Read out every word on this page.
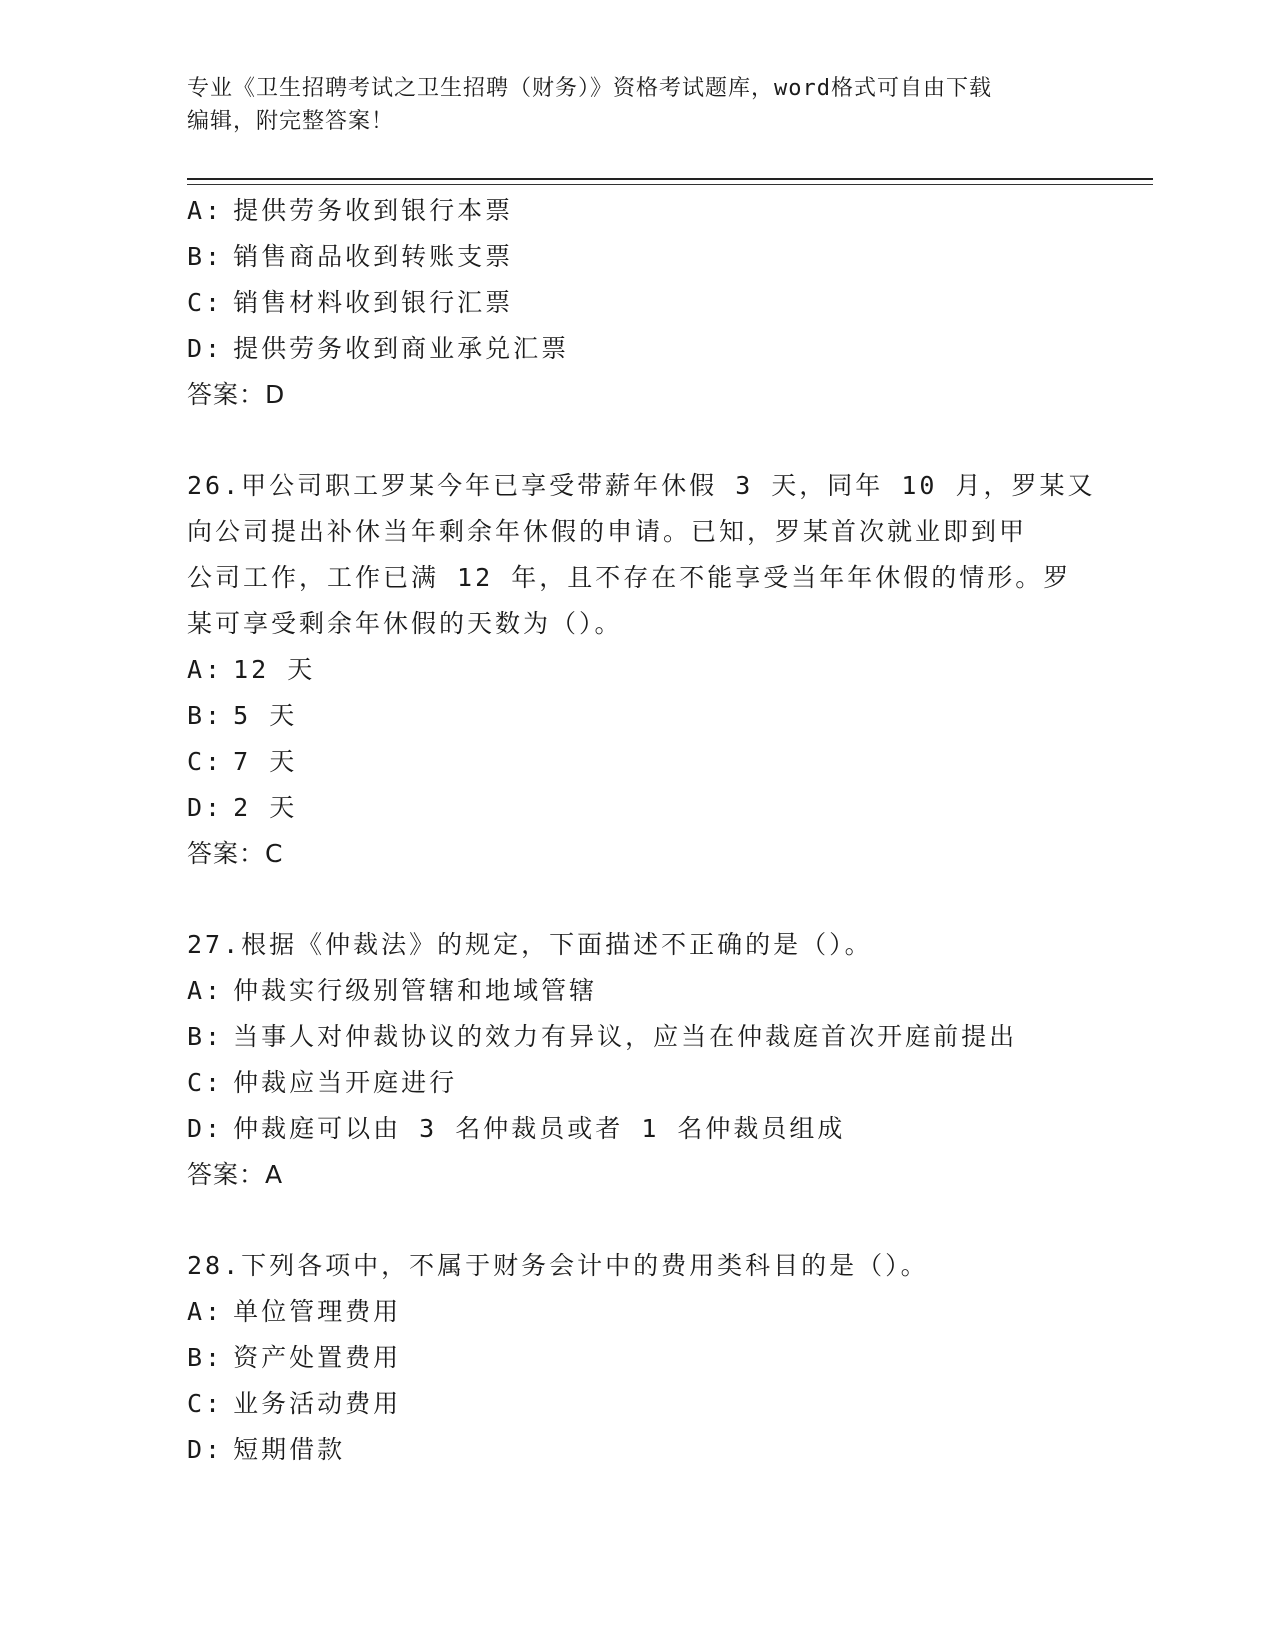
专业《卫生招聘考试之卫生招聘（财务）》资格考试题库，word格式可自由下载
编辑，附完整答案！
A: 提供劳务收到银行本票
B: 销售商品收到转账支票
C: 销售材料收到银行汇票
D: 提供劳务收到商业承兑汇票
答案：D
26.甲公司职工罗某今年已享受带薪年休假 3 天，同年 10 月，罗某又
向公司提出补休当年剩余年休假的申请。已知，罗某首次就业即到甲
公司工作，工作已满 12 年，且不存在不能享受当年年休假的情形。罗
某可享受剩余年休假的天数为（）。
A: 12 天
B: 5 天
C: 7 天
D: 2 天
答案：C
27.根据《仲裁法》的规定，下面描述不正确的是（）。
A: 仲裁实行级别管辖和地域管辖
B: 当事人对仲裁协议的效力有异议，应当在仲裁庭首次开庭前提出
C: 仲裁应当开庭进行
D: 仲裁庭可以由 3 名仲裁员或者 1 名仲裁员组成
答案：A
28.下列各项中，不属于财务会计中的费用类科目的是（）。
A: 单位管理费用
B: 资产处置费用
C: 业务活动费用
D: 短期借款
